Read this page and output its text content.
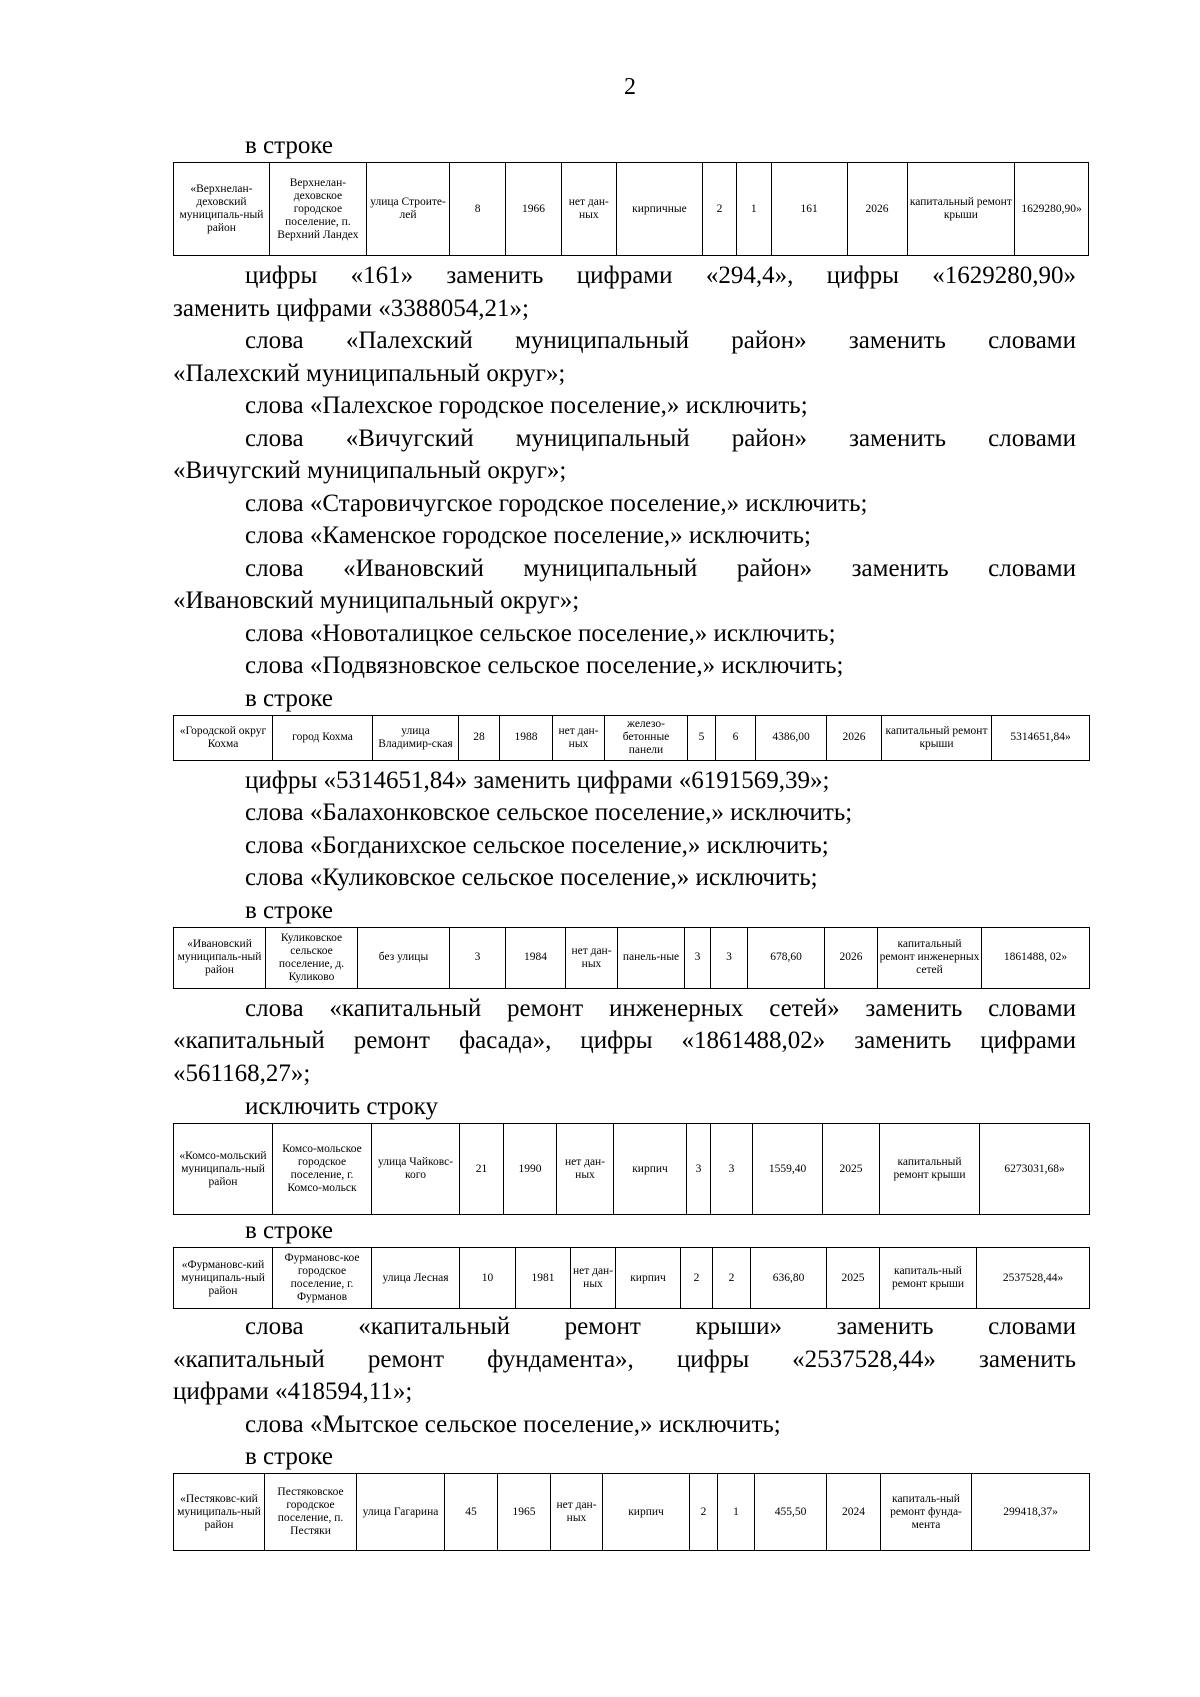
2
в строке
«Верхнелан-деховский муниципаль-ный район	Верхнелан-деховское городское поселение, п. Верхний Ландех	улица Строите-лей	8	1966	нет дан-ных	кирпичные	2	1	161	2026	капитальный ремонт крыши	1629280,90»
цифры «161» заменить цифрами «294,4», цифры «1629280,90»
заменить цифрами «3388054,21»;
слова «Палехский муниципальный район» заменить словами
«Палехский муниципальный округ»;
слова «Палехское городское поселение,» исключить;
слова «Вичугский муниципальный район» заменить словами
«Вичугский муниципальный округ»;
слова «Старовичугское городское поселение,» исключить;
слова «Каменское городское поселение,» исключить;
слова «Ивановский муниципальный район» заменить словами
«Ивановский муниципальный округ»;
слова «Новоталицкое сельское поселение,» исключить;
слова «Подвязновское сельское поселение,» исключить;
в строке
«Городской округ Кохма	город Кохма	улица Владимир-ская	28	1988	нет дан-ных	железо-бетонные панели	5	6	4386,00	2026	капитальный ремонт крыши	5314651,84»
цифры «5314651,84» заменить цифрами «6191569,39»;
слова «Балахонковское сельское поселение,» исключить;
слова «Богданихское сельское поселение,» исключить;
слова «Куликовское сельское поселение,» исключить;
в строке
«Ивановский муниципаль-ный район	Куликовское сельское поселение, д. Куликово	без улицы	3	1984	нет дан-ных	панель-ные	3	3	678,60	2026	капитальный ремонт инженерных сетей	1861488, 02»
слова «капитальный ремонт инженерных сетей» заменить словами
«капитальный ремонт фасада», цифры «1861488,02» заменить цифрами
«561168,27»;
исключить строку
«Комсо-мольский муниципаль-ный район	Комсо-мольское городское поселение, г. Комсо-мольск	улица Чайковс-кого	21	1990	нет дан-ных	кирпич	3	3	1559,40	2025	капитальный ремонт крыши	6273031,68»
в строке
«Фурмановс-кий муниципаль-ный район	Фурмановс-кое городское поселение, г. Фурманов	улица Лесная	10	1981	нет дан-ных	кирпич	2	2	636,80	2025	капиталь-ный ремонт крыши	2537528,44»
слова «капитальный ремонт крыши» заменить словами
«капитальный ремонт фундамента», цифры «2537528,44» заменить
цифрами «418594,11»;
слова «Мытское сельское поселение,» исключить;
в строке
«Пестяковс-кий муниципаль-ный район	Пестяковское городское поселение, п. Пестяки	улица Гагарина	45	1965	нет дан-ных	кирпич	2	1	455,50	2024	капиталь-ный ремонт фунда-мента	299418,37»
